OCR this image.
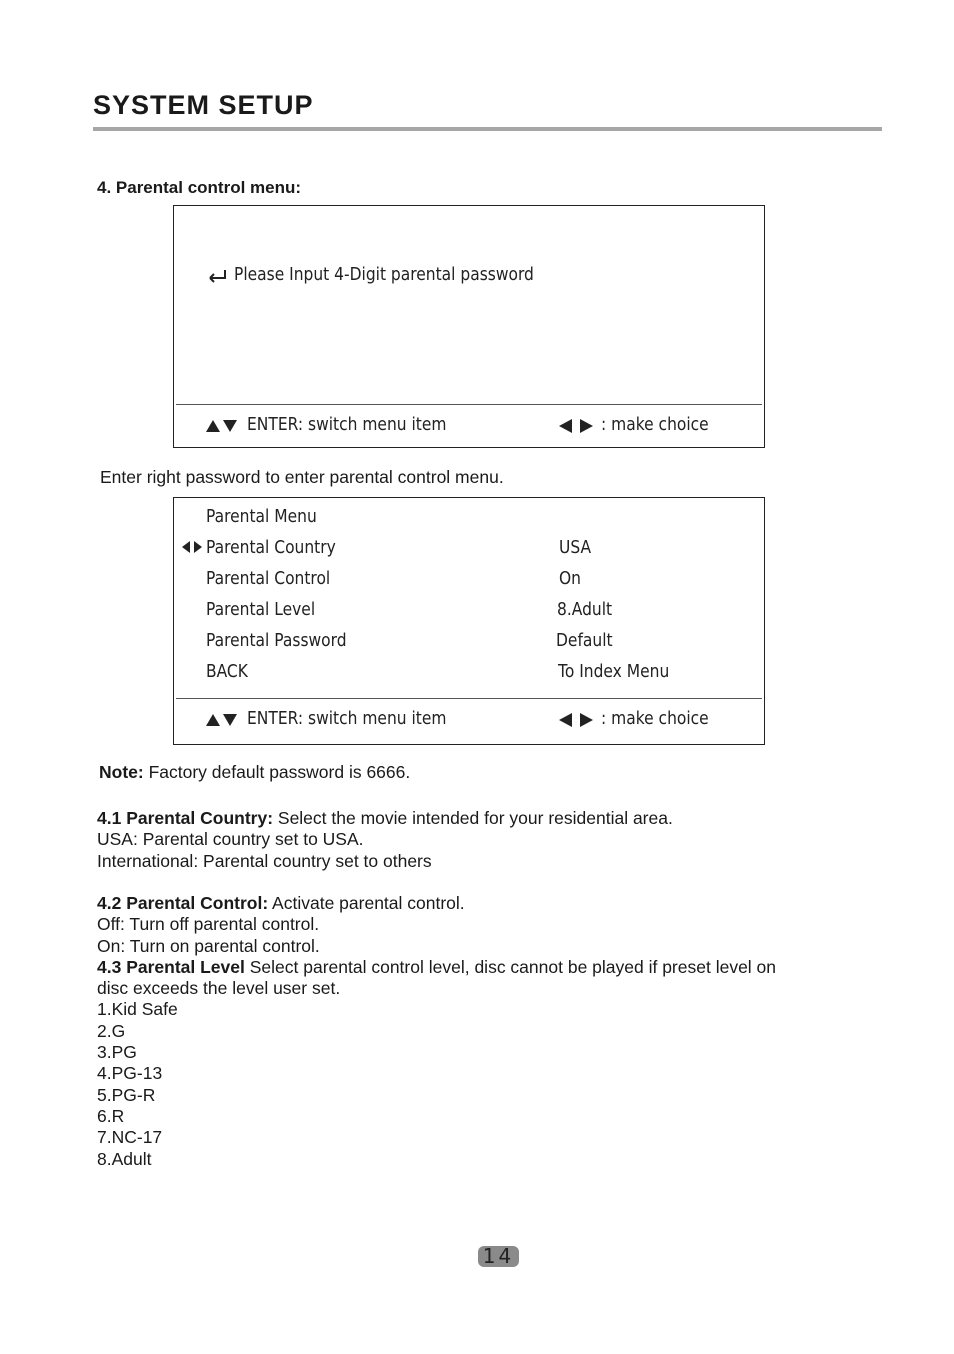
SYSTEM SETUP
4. Parental control menu:
Please Input 4-Digit parental password
ENTER: switch menu item	: make choice
Enter right password to enter parental control menu.
Parental Menu
Parental Country	USA
Parental Control	On
Parental Level	8.Adult
Parental Password	Default
BACK	To Index Menu
ENTER: switch menu item	: make choice
Note: Factory default password is 6666.
4.1 Parental Country: Select the movie intended for your residential area.
USA: Parental country set to USA.
International: Parental country set to others
4.2 Parental Control: Activate parental control.
Off: Turn off parental control.
On: Turn on parental control.
4.3 Parental Level Select parental control level, disc cannot be played if preset level on
disc exceeds the level user set.
1.Kid Safe
2.G
3.PG
4.PG-13
5.PG-R
6.R
7.NC-17
8.Adult
14
